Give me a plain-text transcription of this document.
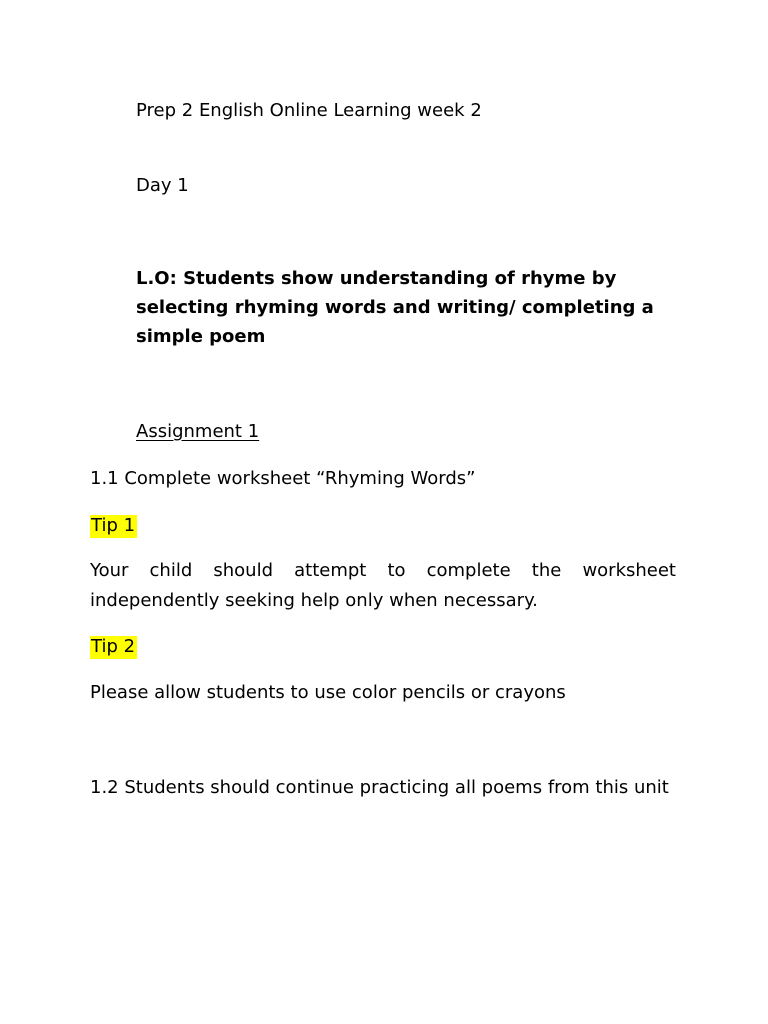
Prep 2 English Online Learning week 2

Day 1

L.O: Students show understanding of rhyme by selecting rhyming words and writing/ completing a simple poem

Assignment 1

1.1 Complete worksheet “Rhyming Words”

Tip 1

Your child should attempt to complete the worksheet independently seeking help only when necessary.

Tip 2

Please allow students to use color pencils or crayons

1.2 Students should continue practicing all poems from this unit
